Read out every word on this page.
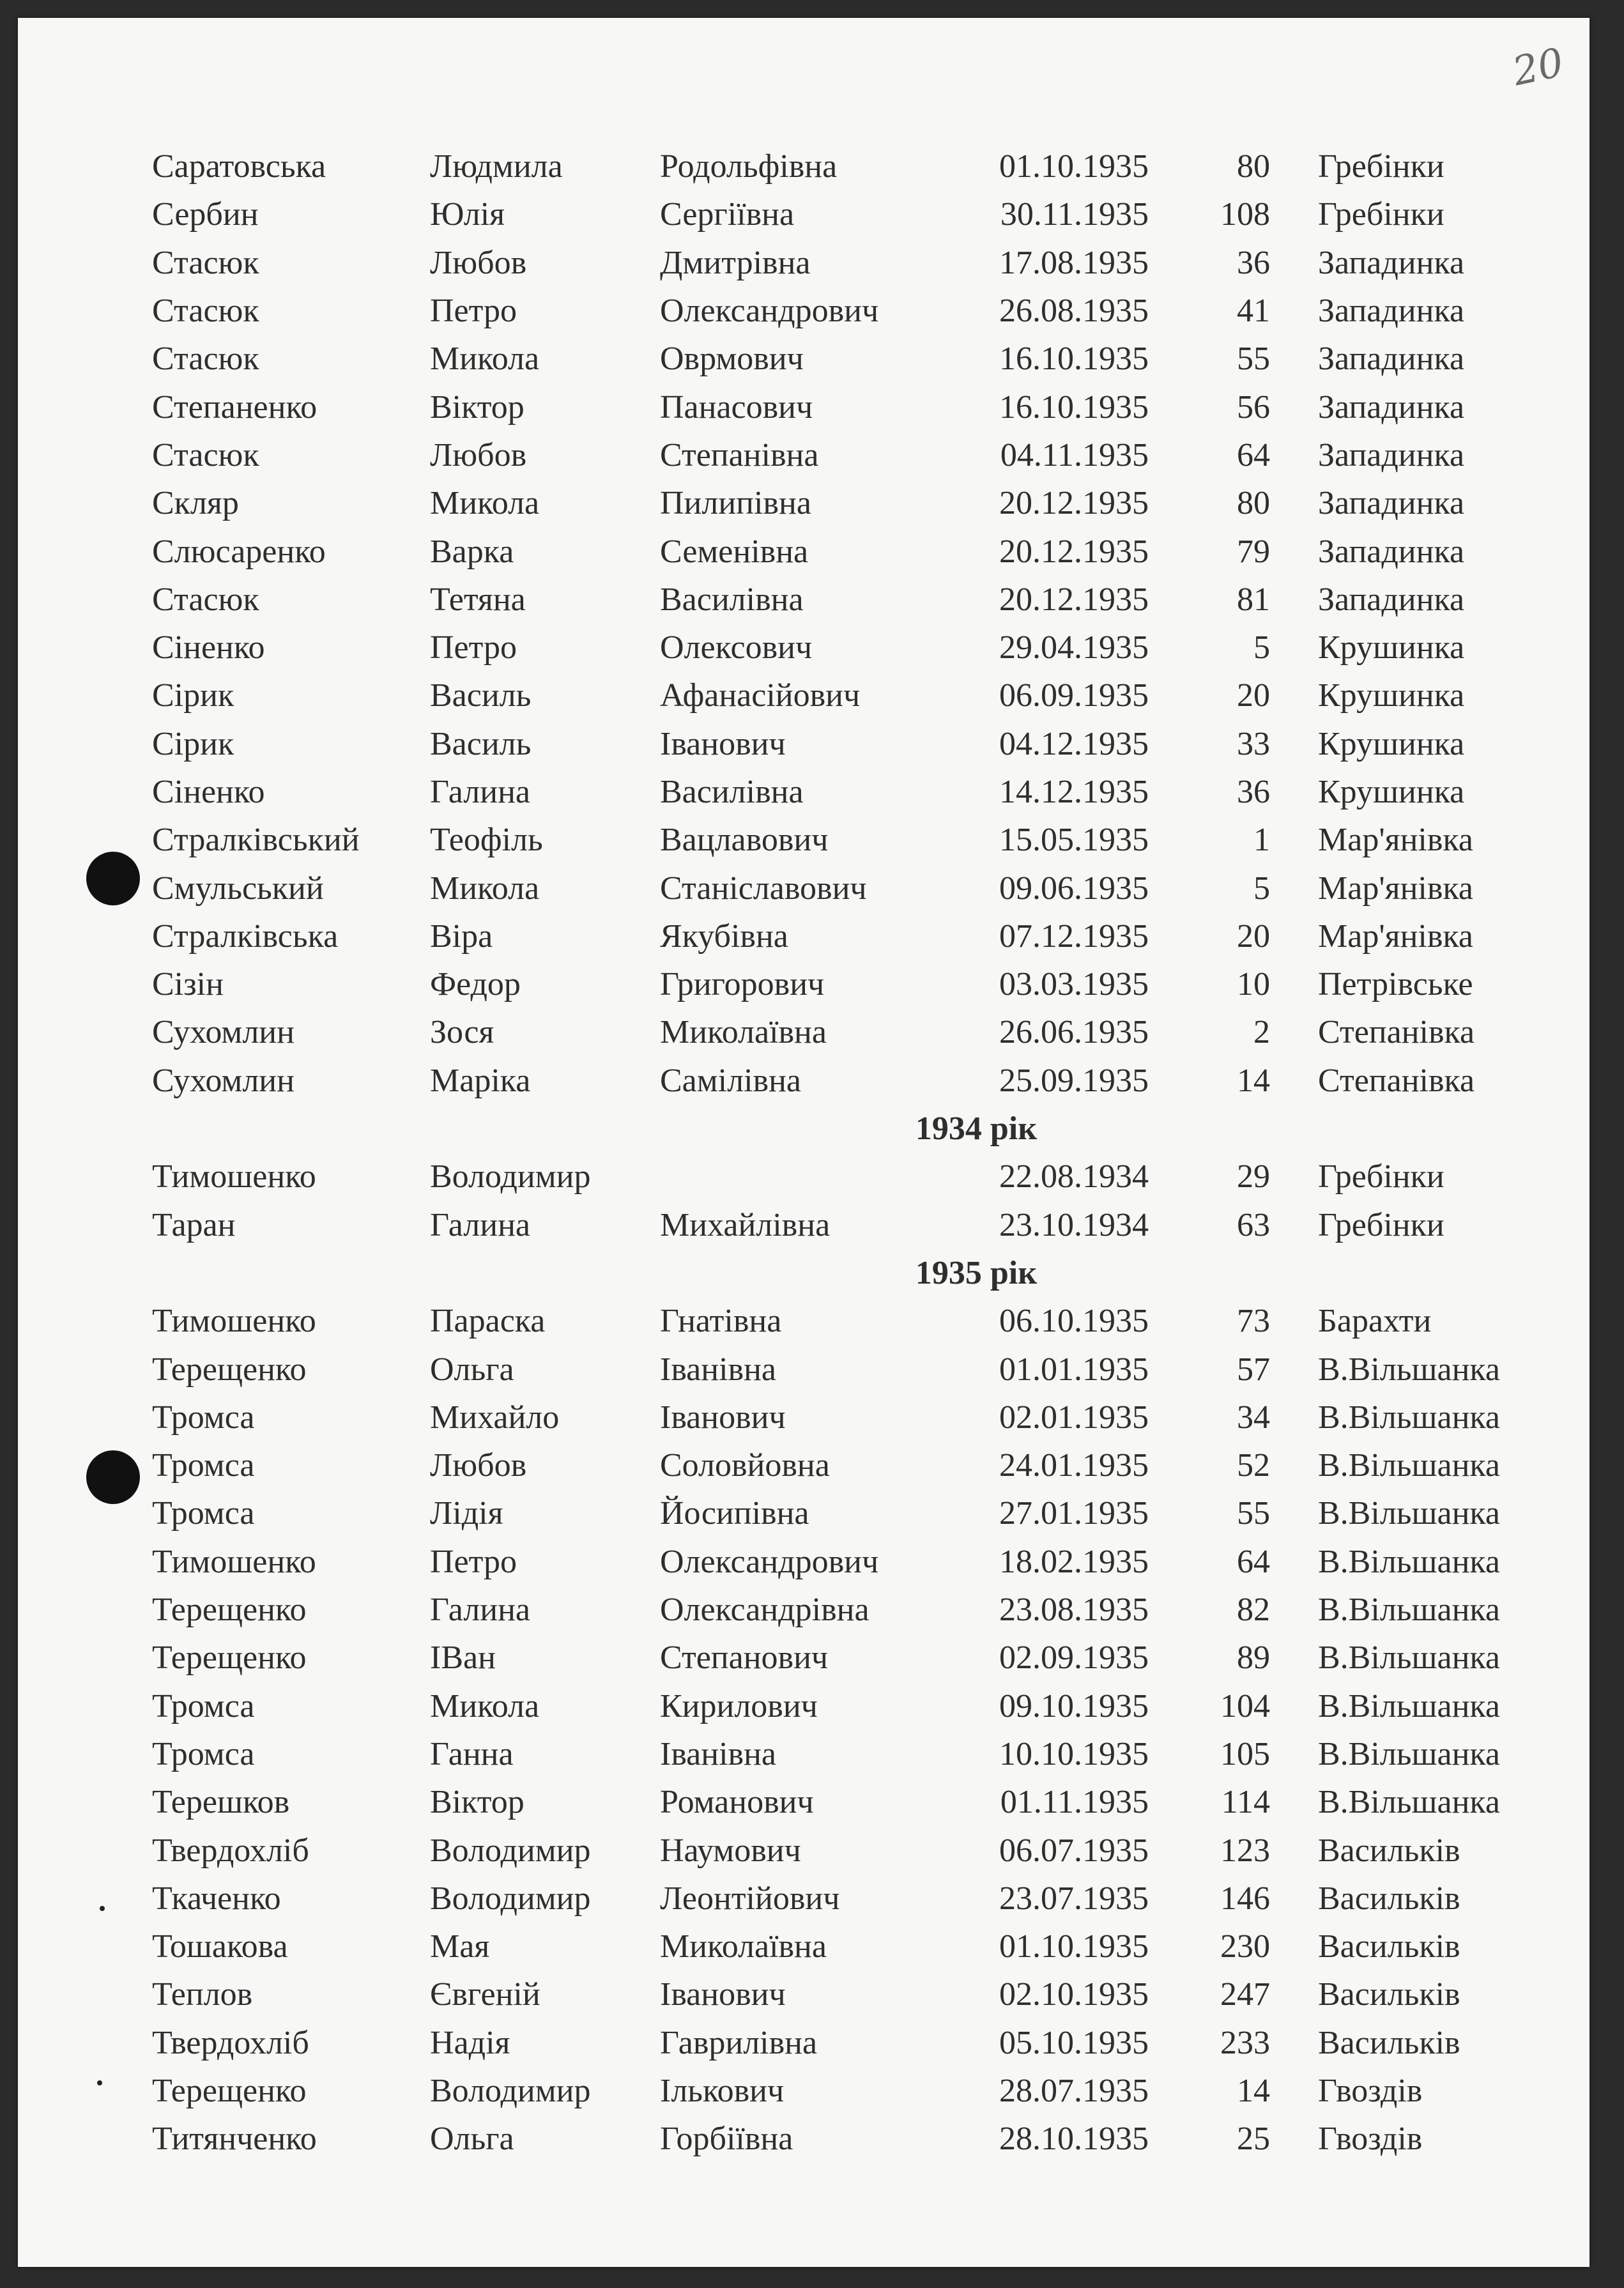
20
Саратовська	Людмила	Родольфівна	01.10.1935	80	Гребінки
Сербин	Юлія	Сергіївна	30.11.1935	108	Гребінки
Стасюк	Любов	Дмитрівна	17.08.1935	36	Западинка
Стасюк	Петро	Олександрович	26.08.1935	41	Западинка
Стасюк	Микола	Оврмович	16.10.1935	55	Западинка
Степаненко	Віктор	Панасович	16.10.1935	56	Западинка
Стасюк	Любов	Степанівна	04.11.1935	64	Западинка
Скляр	Микола	Пилипівна	20.12.1935	80	Западинка
Слюсаренко	Варка	Семенівна	20.12.1935	79	Западинка
Стасюк	Тетяна	Василівна	20.12.1935	81	Западинка
Сіненко	Петро	Олексович	29.04.1935	5	Крушинка
Сірик	Василь	Афанасійович	06.09.1935	20	Крушинка
Сірик	Василь	Іванович	04.12.1935	33	Крушинка
Сіненко	Галина	Василівна	14.12.1935	36	Крушинка
Стралківський	Теофіль	Вацлавович	15.05.1935	1	Мар'янівка
Смульський	Микола	Станіславович	09.06.1935	5	Мар'янівка
Стралківська	Віра	Якубівна	07.12.1935	20	Мар'янівка
Сізін	Федор	Григорович	03.03.1935	10	Петрівське
Сухомлин	Зося	Миколаївна	26.06.1935	2	Степанівка
Сухомлин	Маріка	Самілівна	25.09.1935	14	Степанівка
1934 рік					
Тимошенко	Володимир		22.08.1934	29	Гребінки
Таран	Галина	Михайлівна	23.10.1934	63	Гребінки
1935 рік					
Тимошенко	Параска	Гнатівна	06.10.1935	73	Барахти
Терещенко	Ольга	Іванівна	01.01.1935	57	В.Вільшанка
Тромса	Михайло	Іванович	02.01.1935	34	В.Вільшанка
Тромса	Любов	Соловйовна	24.01.1935	52	В.Вільшанка
Тромса	Лідія	Йосипівна	27.01.1935	55	В.Вільшанка
Тимошенко	Петро	Олександрович	18.02.1935	64	В.Вільшанка
Терещенко	Галина	Олександрівна	23.08.1935	82	В.Вільшанка
Терещенко	ІВан	Степанович	02.09.1935	89	В.Вільшанка
Тромса	Микола	Кирилович	09.10.1935	104	В.Вільшанка
Тромса	Ганна	Іванівна	10.10.1935	105	В.Вільшанка
Терешков	Віктор	Романович	01.11.1935	114	В.Вільшанка
Твердохліб	Володимир	Наумович	06.07.1935	123	Васильків
Ткаченко	Володимир	Леонтійович	23.07.1935	146	Васильків
Тошакова	Мая	Миколаївна	01.10.1935	230	Васильків
Теплов	Євгеній	Іванович	02.10.1935	247	Васильків
Твердохліб	Надія	Гаврилівна	05.10.1935	233	Васильків
Терещенко	Володимир	Ількович	28.07.1935	14	Гвоздів
Титянченко	Ольга	Горбіївна	28.10.1935	25	Гвоздів
